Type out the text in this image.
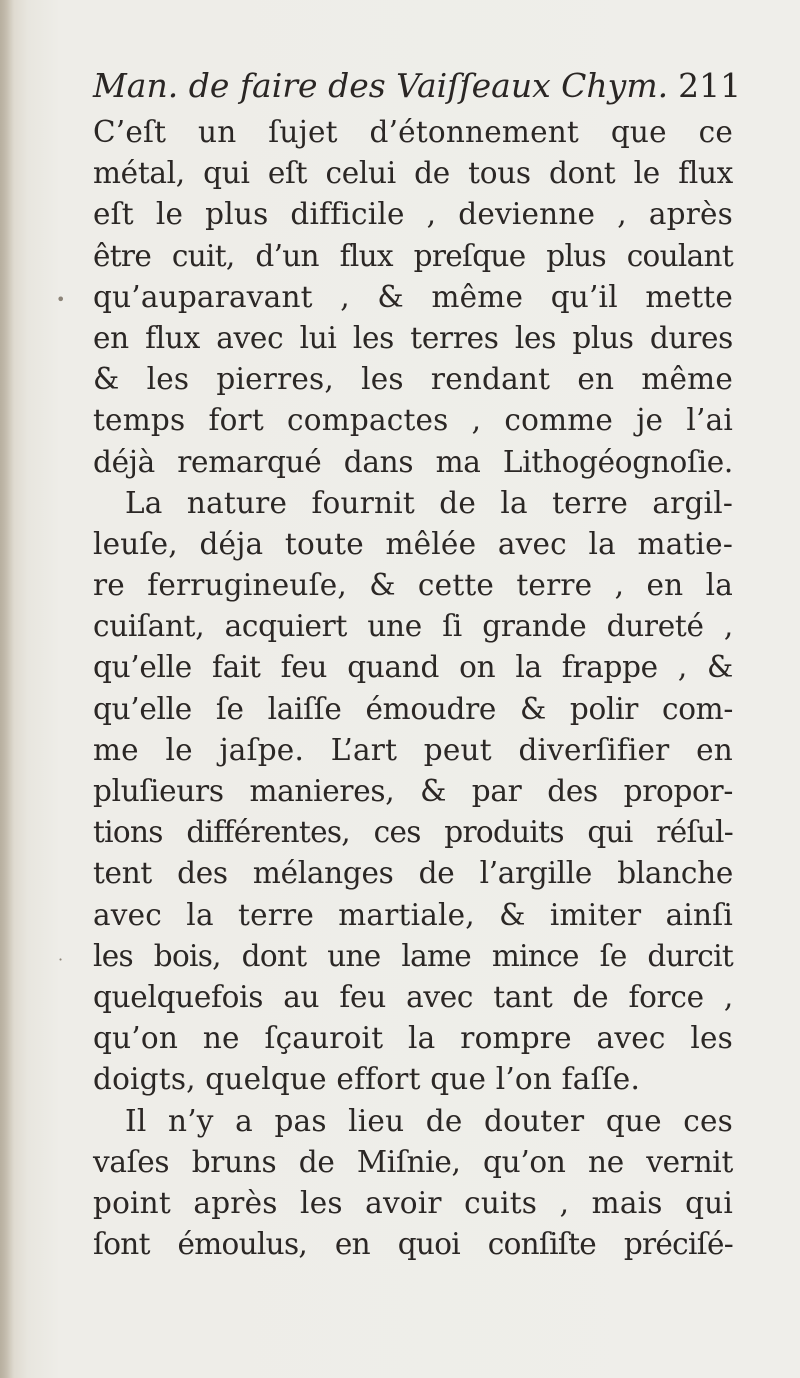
Man. de faire des Vaiſſeaux Chym. 211
C’eſt un ſujet d’étonnement que ce
métal, qui eſt celui de tous dont le flux
eſt le plus difficile , devienne , après
être cuit, d’un flux preſque plus coulant
qu’auparavant , & même qu’il mette
en flux avec lui les terres les plus dures
& les pierres, les rendant en même
temps fort compactes , comme je l’ai
déjà remarqué dans ma Lithogéognoſie.
La nature fournit de la terre argil-
leuſe, déja toute mêlée avec la matie-
re ferrugineuſe, & cette terre , en la
cuiſant, acquiert une ſi grande dureté ,
qu’elle fait feu quand on la frappe , &
qu’elle ſe laiſſe émoudre & polir com-
me le jaſpe. L’art peut diverſifier en
pluſieurs manieres, & par des propor-
tions différentes, ces produits qui réſul-
tent des mélanges de l’argille blanche
avec la terre martiale, & imiter ainſi
les bois, dont une lame mince ſe durcit
quelquefois au feu avec tant de force ,
qu’on ne ſçauroit la rompre avec les
doigts, quelque effort que l’on faſſe.
Il n’y a pas lieu de douter que ces
vaſes bruns de Miſnie, qu’on ne vernit
point après les avoir cuits , mais qui
ſont émoulus, en quoi conſiſte préciſé-
•
·
